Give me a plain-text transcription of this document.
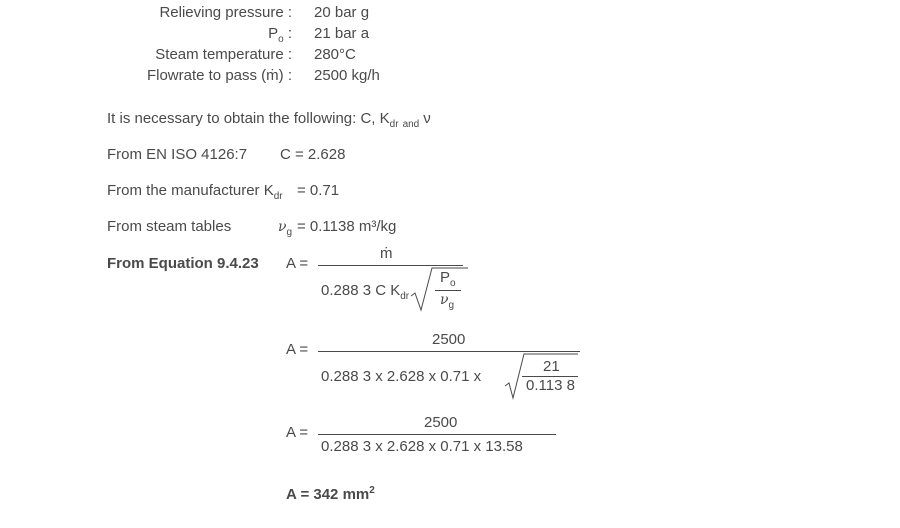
Relieving pressure : 20 bar g
$P_o$ : 21 bar a
Steam temperature : 280°C
Flowrate to pass (ṁ) : 2500 kg/h
It is necessary to obtain the following: C, $K_{dr}$ $_{and}$ ν
From EN ISO 4126:7 C = 2.628
From the manufacturer $K_{dr} = 0.71$
From steam tables	$\nu_g = 0.1138$ m³/kg
From Equation 9.4.23 A =
ṁ
0.288 3 C $K_{dr}$
$P_o$
$\nu_g$
A =
2500
0.288 3 x 2.628 x 0.71 x
21
0.113 8
A =
2500
0.288 3 x 2.628 x 0.71 x 13.58
A = 342 $mm^2$
